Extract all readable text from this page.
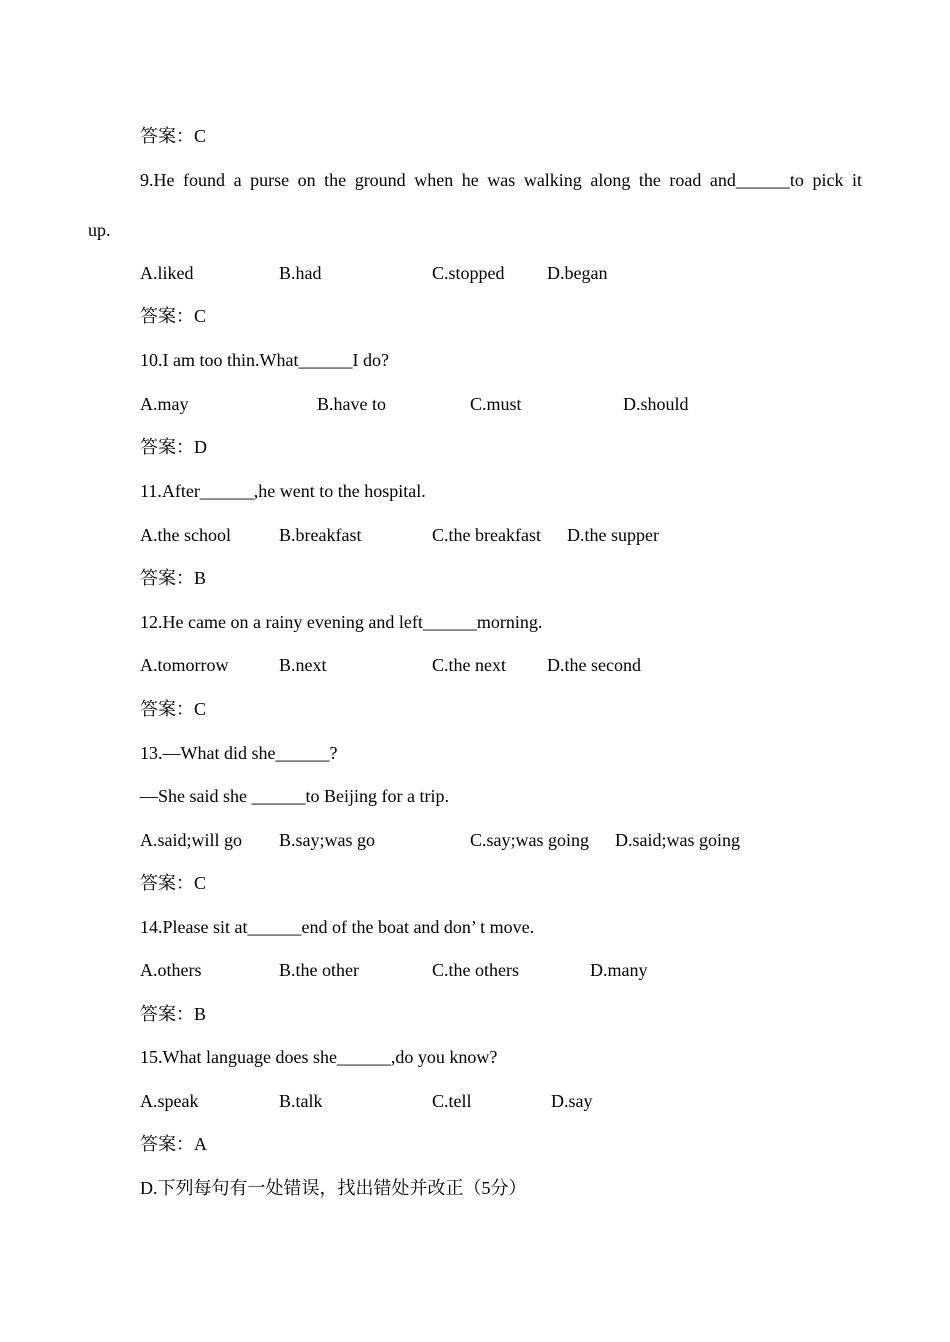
答案：C
9.He found a purse on the ground when he was walking along the road and______to pick it
up.
A.liked	B.had	C.stopped D.began
答案：C
10.I am too thin.What______I do?
A.may	B.have to	C.must	D.should
答案：D
11.After______,he went to the hospital.
A.the school	B.breakfast	C.the breakfast D.the supper
答案：B
12.He came on a rainy evening and left______morning.
A.tomorrow	B.next	C.the next D.the second
答案：C
13.—What did she______?
—She said she ______to Beijing for a trip.
A.said;will go B.say;was go	C.say;was going D.said;was going
答案：C
14.Please sit at______end of the boat and don’ t move.
A.others	B.the other	C.the others	D.many
答案：B
15.What language does she______,do you know?
A.speak	B.talk	C.tell	D.say
答案：A
D.下列每句有一处错误，找出错处并改正（5分）
